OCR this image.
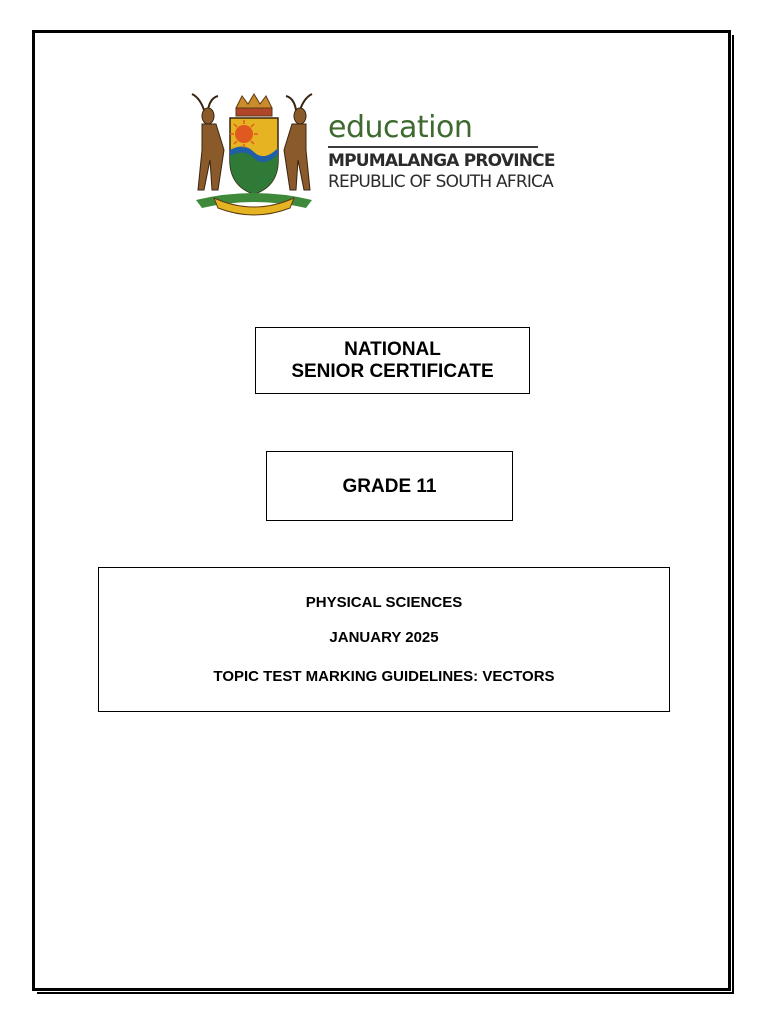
education
MPUMALANGA PROVINCE
REPUBLIC OF SOUTH AFRICA
NATIONAL
SENIOR CERTIFICATE
GRADE 11
PHYSICAL SCIENCES
JANUARY 2025
TOPIC TEST MARKING GUIDELINES: VECTORS
